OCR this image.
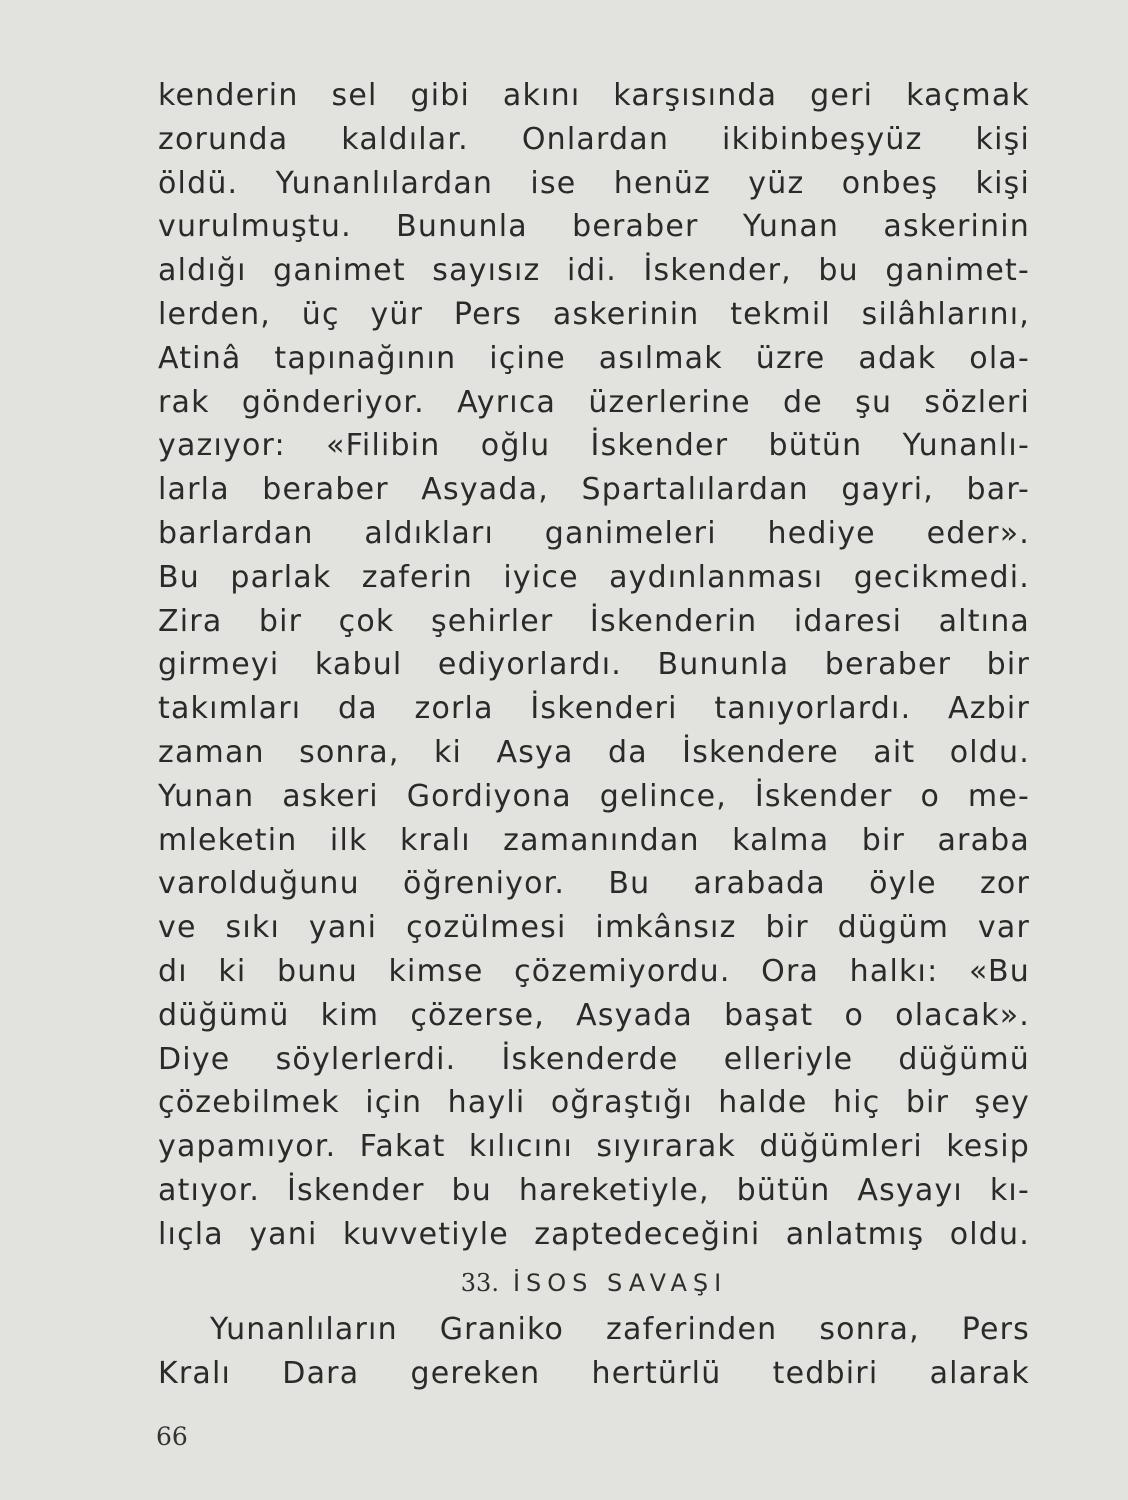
kenderin sel gibi akını karşısında geri kaçmak
zorunda kaldılar. Onlardan ikibinbeşyüz kişi
öldü. Yunanlılardan ise henüz yüz onbeş kişi
vurulmuştu. Bununla beraber Yunan askerinin
aldığı ganimet sayısız idi. İskender, bu ganimet-
lerden, üç yür Pers askerinin tekmil silâhlarını,
Atinâ tapınağının içine asılmak üzre adak ola-
rak gönderiyor. Ayrıca üzerlerine de şu sözleri
yazıyor: «Filibin oğlu İskender bütün Yunanlı-
larla beraber Asyada, Spartalılardan gayri, bar-
barlardan aldıkları ganimeleri hediye eder».
Bu parlak zaferin iyice aydınlanması gecikmedi.
Zira bir çok şehirler İskenderin idaresi altına
girmeyi kabul ediyorlardı. Bununla beraber bir
takımları da zorla İskenderi tanıyorlardı. Azbir
zaman sonra, ki Asya da İskendere ait oldu.
Yunan askeri Gordiyona gelince, İskender o me-
mleketin ilk kralı zamanından kalma bir araba
varolduğunu öğreniyor. Bu arabada öyle zor
ve sıkı yani çozülmesi imkânsız bir dügüm var
dı ki bunu kimse çözemiyordu. Ora halkı: «Bu
düğümü kim çözerse, Asyada başat o olacak».
Diye söylerlerdi. İskenderde elleriyle düğümü
çözebilmek için hayli oğraştığı halde hiç bir şey
yapamıyor. Fakat kılıcını sıyırarak düğümleri kesip
atıyor. İskender bu hareketiyle, bütün Asyayı kı-
lıçla yani kuvvetiyle zaptedeceğini anlatmış oldu.
33. İSOS SAVAŞI
Yunanlıların Graniko zaferinden sonra, Pers
Kralı Dara gereken hertürlü tedbiri alarak
66
